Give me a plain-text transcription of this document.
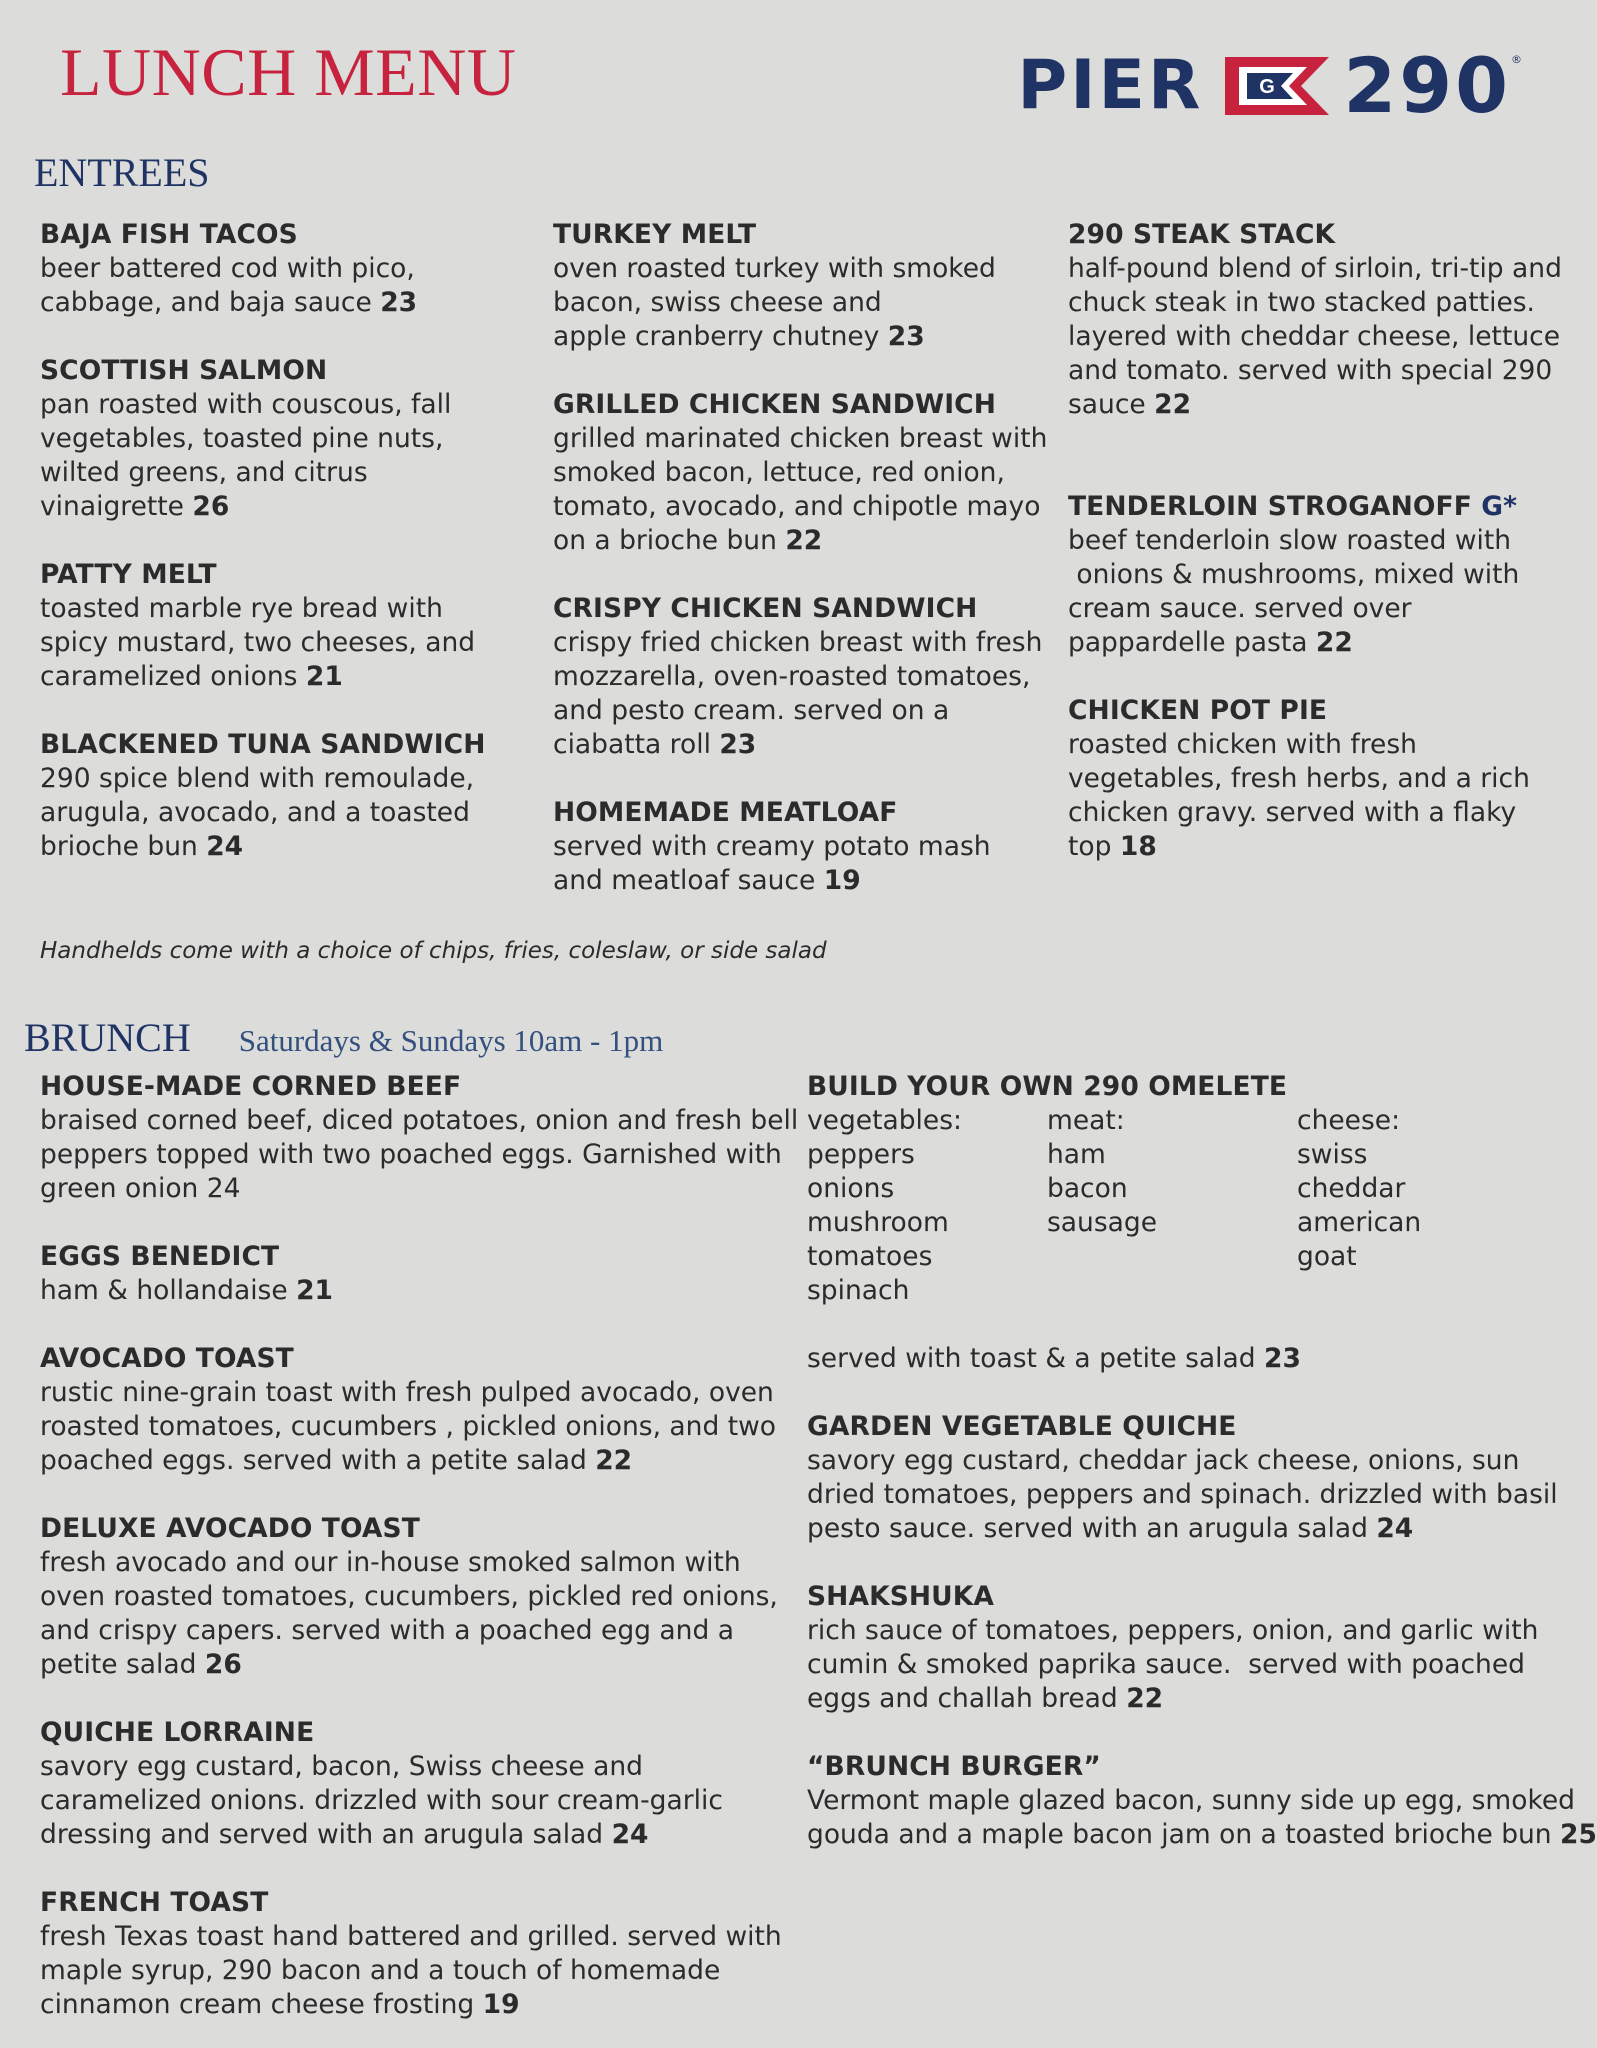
LUNCH MENU	PIER	G 290 ®
ENTREES
BAJA FISH TACOS
beer battered cod with pico,
cabbage, and baja sauce 23
SCOTTISH SALMON
pan roasted with couscous, fall
vegetables, toasted pine nuts,
wilted greens, and citrus
vinaigrette 26
PATTY MELT
toasted marble rye bread with
spicy mustard, two cheeses, and
caramelized onions 21
BLACKENED TUNA SANDWICH
290 spice blend with remoulade,
arugula, avocado, and a toasted
brioche bun 24
TURKEY MELT
oven roasted turkey with smoked
bacon, swiss cheese and
apple cranberry chutney 23
GRILLED CHICKEN SANDWICH
grilled marinated chicken breast with
smoked bacon, lettuce, red onion,
tomato, avocado, and chipotle mayo
on a brioche bun 22
CRISPY CHICKEN SANDWICH
crispy fried chicken breast with fresh
mozzarella, oven-roasted tomatoes,
and pesto cream. served on a
ciabatta roll 23
HOMEMADE MEATLOAF
served with creamy potato mash
and meatloaf sauce 19
290 STEAK STACK
half-pound blend of sirloin, tri-tip and
chuck steak in two stacked patties.
layered with cheddar cheese, lettuce
and tomato. served with special 290
sauce 22
TENDERLOIN STROGANOFF G*
beef tenderloin slow roasted with
onions & mushrooms, mixed with
cream sauce. served over
pappardelle pasta 22
CHICKEN POT PIE
roasted chicken with fresh
vegetables, fresh herbs, and a rich
chicken gravy. served with a flaky
top 18
Handhelds come with a choice of chips, fries, coleslaw, or side salad
BRUNCH Saturdays & Sundays 10am - 1pm
HOUSE-MADE CORNED BEEF
braised corned beef, diced potatoes, onion and fresh bell
peppers topped with two poached eggs. Garnished with
green onion 24
EGGS BENEDICT
ham & hollandaise 21
AVOCADO TOAST
rustic nine-grain toast with fresh pulped avocado, oven
roasted tomatoes, cucumbers , pickled onions, and two
poached eggs. served with a petite salad 22
DELUXE AVOCADO TOAST
fresh avocado and our in-house smoked salmon with
oven roasted tomatoes, cucumbers, pickled red onions,
and crispy capers. served with a poached egg and a
petite salad 26
QUICHE LORRAINE
savory egg custard, bacon, Swiss cheese and
caramelized onions. drizzled with sour cream-garlic
dressing and served with an arugula salad 24
FRENCH TOAST
fresh Texas toast hand battered and grilled. served with
maple syrup, 290 bacon and a touch of homemade
cinnamon cream cheese frosting 19
BUILD YOUR OWN 290 OMELETE
vegetables:
peppers
onions
mushroom
tomatoes
spinach
meat:
ham
bacon
sausage
cheese:
swiss
cheddar
american
goat
served with toast & a petite salad 23
GARDEN VEGETABLE QUICHE
savory egg custard, cheddar jack cheese, onions, sun
dried tomatoes, peppers and spinach. drizzled with basil
pesto sauce. served with an arugula salad 24
SHAKSHUKA
rich sauce of tomatoes, peppers, onion, and garlic with
cumin & smoked paprika sauce.  served with poached
eggs and challah bread 22
“BRUNCH BURGER”
Vermont maple glazed bacon, sunny side up egg, smoked
gouda and a maple bacon jam on a toasted brioche bun 25
